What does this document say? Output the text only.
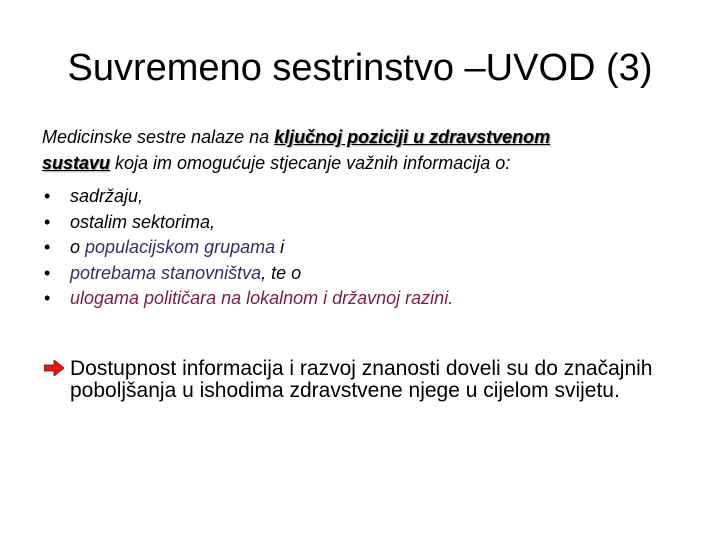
Suvremeno sestrinstvo –UVOD (3)
Medicinske sestre nalaze na ključnoj poziciji u zdravstvenom
sustavu koja im omogućuje stjecanje važnih informacija o:
• sadržaju,
• ostalim sektorima,
• o populacijskom grupama i
• potrebama stanovništva, te o
• ulogama političara na lokalnom i državnoj razini.
Dostupnost informacija i razvoj znanosti doveli su do značajnih poboljšanja u ishodima zdravstvene njege u cijelom svijetu.
